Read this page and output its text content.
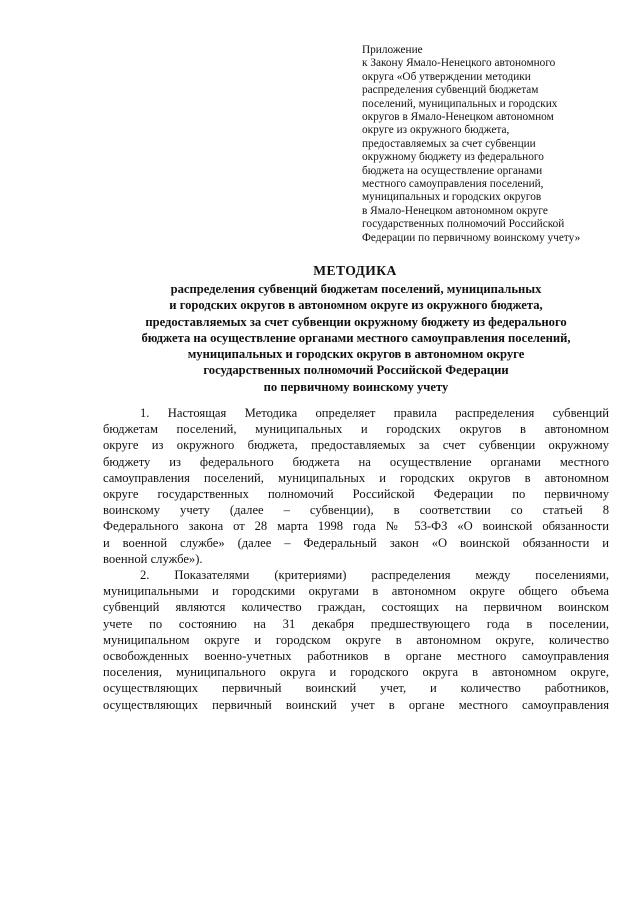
Приложение
к Закону Ямало-Ненецкого автономного
округа «Об утверждении методики
распределения субвенций бюджетам
поселений, муниципальных и городских
округов в Ямало-Ненецком автономном
округе из окружного бюджета,
предоставляемых за счет субвенции
окружному бюджету из федерального
бюджета на осуществление органами
местного самоуправления поселений,
муниципальных и городских округов
в Ямало-Ненецком автономном округе
государственных полномочий Российской
Федерации по первичному воинскому учету»
МЕТОДИКА
распределения субвенций бюджетам поселений, муниципальных
и городских округов в автономном округе из окружного бюджета,
предоставляемых за счет субвенции окружному бюджету из федерального
бюджета на осуществление органами местного самоуправления поселений,
муниципальных и городских округов в автономном округе
государственных полномочий Российской Федерации
по первичному воинскому учету
1. Настоящая Методика определяет правила распределения субвенций
бюджетам поселений, муниципальных и городских округов в автономном
округе из окружного бюджета, предоставляемых за счет субвенции окружному
бюджету из федерального бюджета на осуществление органами местного
самоуправления поселений, муниципальных и городских округов в автономном
округе государственных полномочий Российской Федерации по первичному
воинскому учету (далее – субвенции), в соответствии со статьей 8
Федерального закона от 28 марта 1998 года № 53-ФЗ «О воинской обязанности
и военной службе» (далее – Федеральный закон «О воинской обязанности и
военной службе»).
2. Показателями (критериями) распределения между поселениями,
муниципальными и городскими округами в автономном округе общего объема
субвенций являются количество граждан, состоящих на первичном воинском
учете по состоянию на 31 декабря предшествующего года в поселении,
муниципальном округе и городском округе в автономном округе, количество
освобожденных военно-учетных работников в органе местного самоуправления
поселения, муниципального округа и городского округа в автономном округе,
осуществляющих первичный воинский учет, и количество работников,
осуществляющих первичный воинский учет в органе местного самоуправления
